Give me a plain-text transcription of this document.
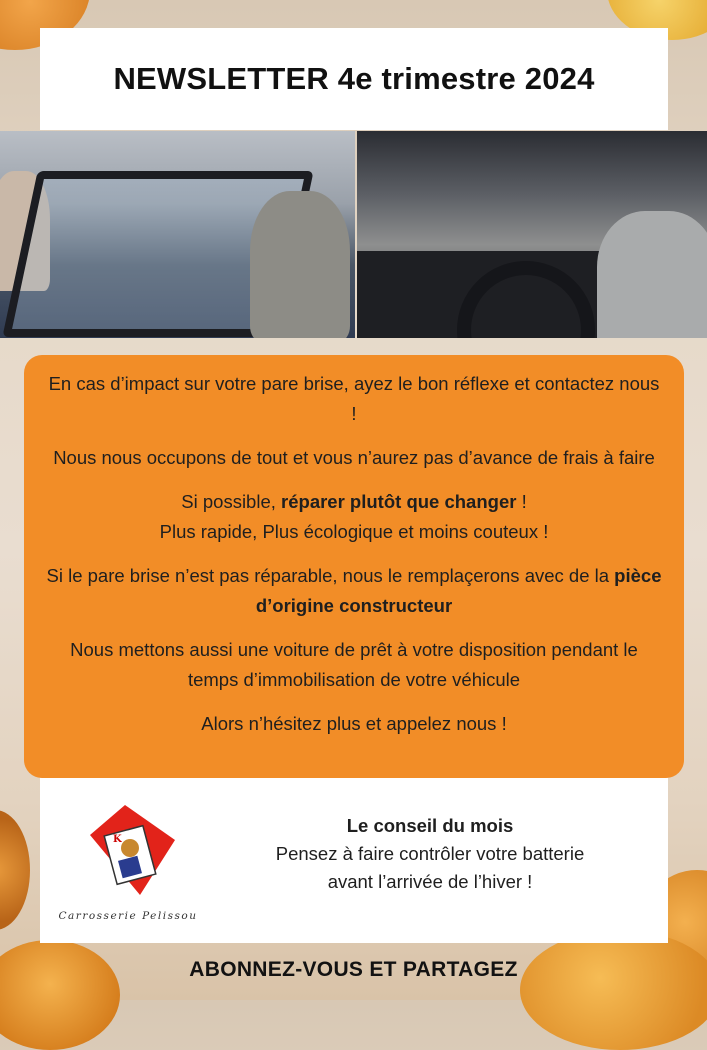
NEWSLETTER 4e trimestre 2024

En cas d’impact sur votre pare brise, ayez le bon réflexe et contactez nous !

Nous nous occupons de tout et vous n’aurez pas d’avance de frais à faire

Si possible, réparer plutôt que changer !
Plus rapide, Plus écologique et moins couteux !

Si le pare brise n’est pas réparable, nous le remplaçerons avec de la pièce d’origine constructeur

Nous mettons aussi une voiture de prêt à votre disposition pendant le temps d’immobilisation de votre véhicule

Alors n’hésitez plus et appelez nous !

K
Carrosserie Pelissou
Le conseil du mois
Pensez à faire contrôler votre batterie avant l’arrivée de l’hiver !
ABONNEZ-VOUS ET PARTAGEZ
